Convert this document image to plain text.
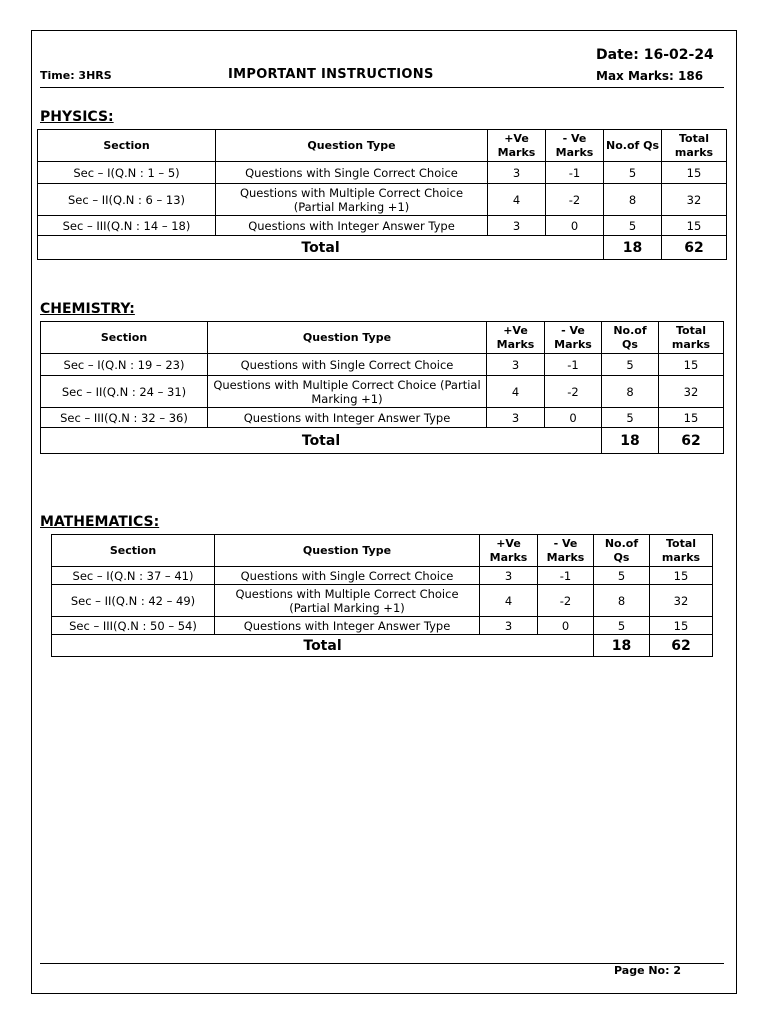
Date: 16-02-24
Time: 3HRS	IMPORTANT INSTRUCTIONS	Max Marks: 186
PHYSICS:
Section	Question Type	+Ve Marks	- Ve Marks	No.of Qs	Total marks
Sec – I(Q.N : 1 – 5)	Questions with Single Correct Choice	3	-1	5	15
Sec – II(Q.N : 6 – 13)	Questions with Multiple Correct Choice (Partial Marking +1)	4	-2	8	32
Sec – III(Q.N : 14 – 18)	Questions with Integer Answer Type	3	0	5	15
Total				18	62
CHEMISTRY:
Section	Question Type	+Ve Marks	- Ve Marks	No.of Qs	Total marks
Sec – I(Q.N : 19 – 23)	Questions with Single Correct Choice	3	-1	5	15
Sec – II(Q.N : 24 – 31)	Questions with Multiple Correct Choice (Partial Marking +1)	4	-2	8	32
Sec – III(Q.N : 32 – 36)	Questions with Integer Answer Type	3	0	5	15
Total				18	62
MATHEMATICS:
Section	Question Type	+Ve Marks	- Ve Marks	No.of Qs	Total marks
Sec – I(Q.N : 37 – 41)	Questions with Single Correct Choice	3	-1	5	15
Sec – II(Q.N : 42 – 49)	Questions with Multiple Correct Choice (Partial Marking +1)	4	-2	8	32
Sec – III(Q.N : 50 – 54)	Questions with Integer Answer Type	3	0	5	15
Total				18	62
Page No: 2
